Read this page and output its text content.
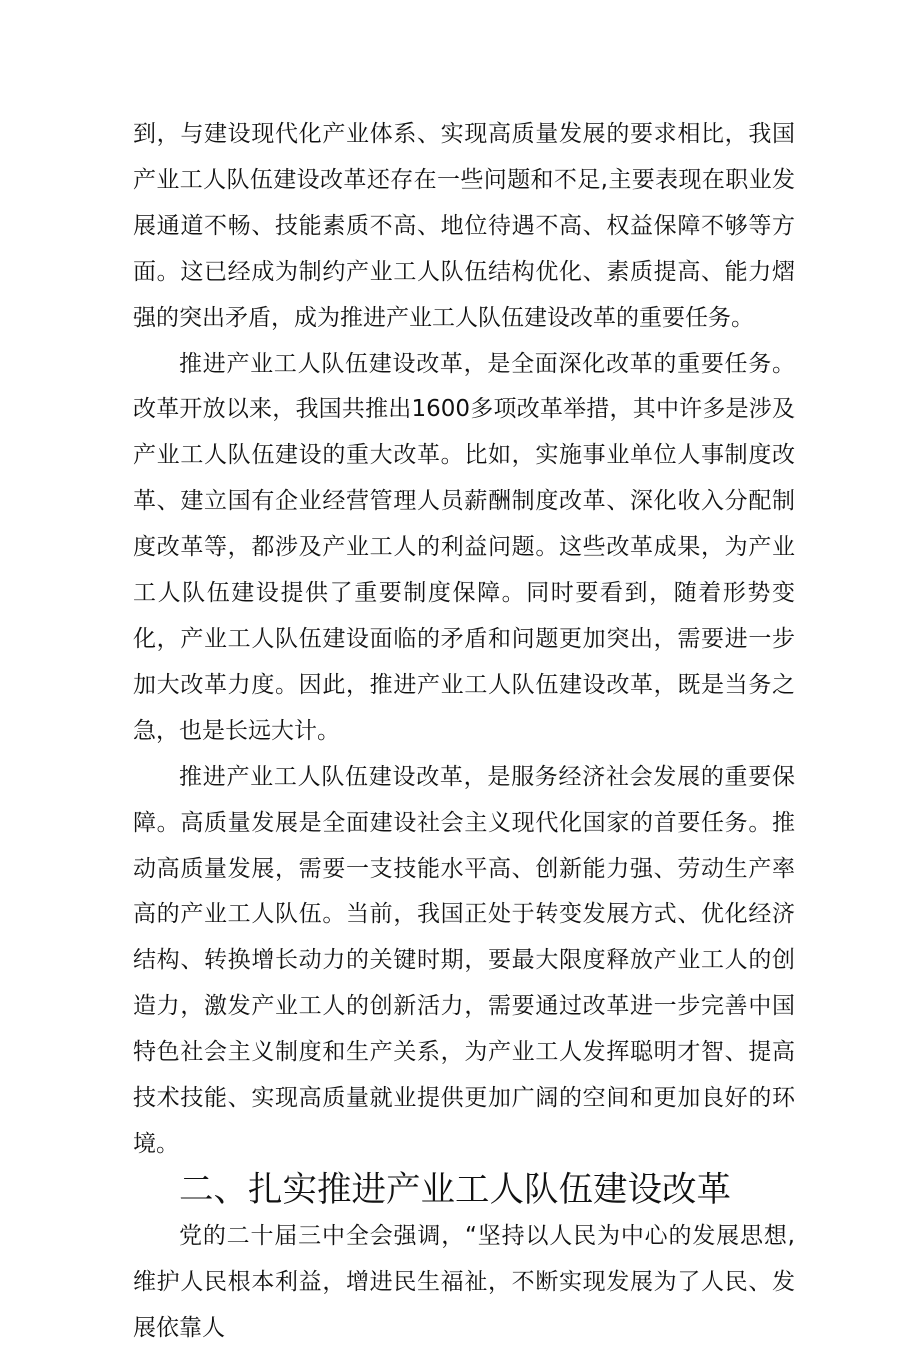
到，与建设现代化产业体系、实现高质量发展的要求相比，我国产业工人队伍建设改革还存在一些问题和不足,主要表现在职业发展通道不畅、技能素质不高、地位待遇不高、权益保障不够等方面。这已经成为制约产业工人队伍结构优化、素质提高、能力熠强的突出矛盾，成为推进产业工人队伍建设改革的重要任务。

推进产业工人队伍建设改革，是全面深化改革的重要任务。改革开放以来，我国共推出1600多项改革举措，其中许多是涉及产业工人队伍建设的重大改革。比如，实施事业单位人事制度改革、建立国有企业经营管理人员薪酬制度改革、深化收入分配制度改革等，都涉及产业工人的利益问题。这些改革成果，为产业工人队伍建设提供了重要制度保障。同时要看到，随着形势变化，产业工人队伍建设面临的矛盾和问题更加突出，需要进一步加大改革力度。因此，推进产业工人队伍建设改革，既是当务之急，也是长远大计。

推进产业工人队伍建设改革，是服务经济社会发展的重要保障。高质量发展是全面建设社会主义现代化国家的首要任务。推动高质量发展，需要一支技能水平高、创新能力强、劳动生产率高的产业工人队伍。当前，我国正处于转变发展方式、优化经济结构、转换增长动力的关键时期，要最大限度释放产业工人的创造力，激发产业工人的创新活力，需要通过改革进一步完善中国特色社会主义制度和生产关系，为产业工人发挥聪明才智、提高技术技能、实现高质量就业提供更加广阔的空间和更加良好的环境。

二、扎实推进产业工人队伍建设改革

党的二十届三中全会强调，“坚持以人民为中心的发展思想,维护人民根本利益，增进民生福祉，不断实现发展为了人民、发展依靠人
